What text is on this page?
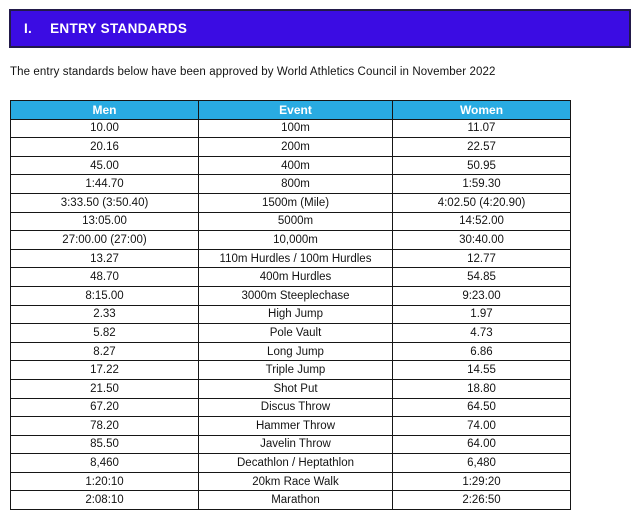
I. ENTRY STANDARDS
The entry standards below have been approved by World Athletics Council in November 2022
Men	Event	Women
10.00	100m	11.07
20.16	200m	22.57
45.00	400m	50.95
1:44.70	800m	1:59.30
3:33.50 (3:50.40)	1500m (Mile)	4:02.50 (4:20.90)
13:05.00	5000m	14:52.00
27:00.00 (27:00)	10,000m	30:40.00
13.27	110m Hurdles / 100m Hurdles	12.77
48.70	400m Hurdles	54.85
8:15.00	3000m Steeplechase	9:23.00
2.33	High Jump	1.97
5.82	Pole Vault	4.73
8.27	Long Jump	6.86
17.22	Triple Jump	14.55
21.50	Shot Put	18.80
67.20	Discus Throw	64.50
78.20	Hammer Throw	74.00
85.50	Javelin Throw	64.00
8,460	Decathlon / Heptathlon	6,480
1:20:10	20km Race Walk	1:29:20
2:08:10	Marathon	2:26:50
